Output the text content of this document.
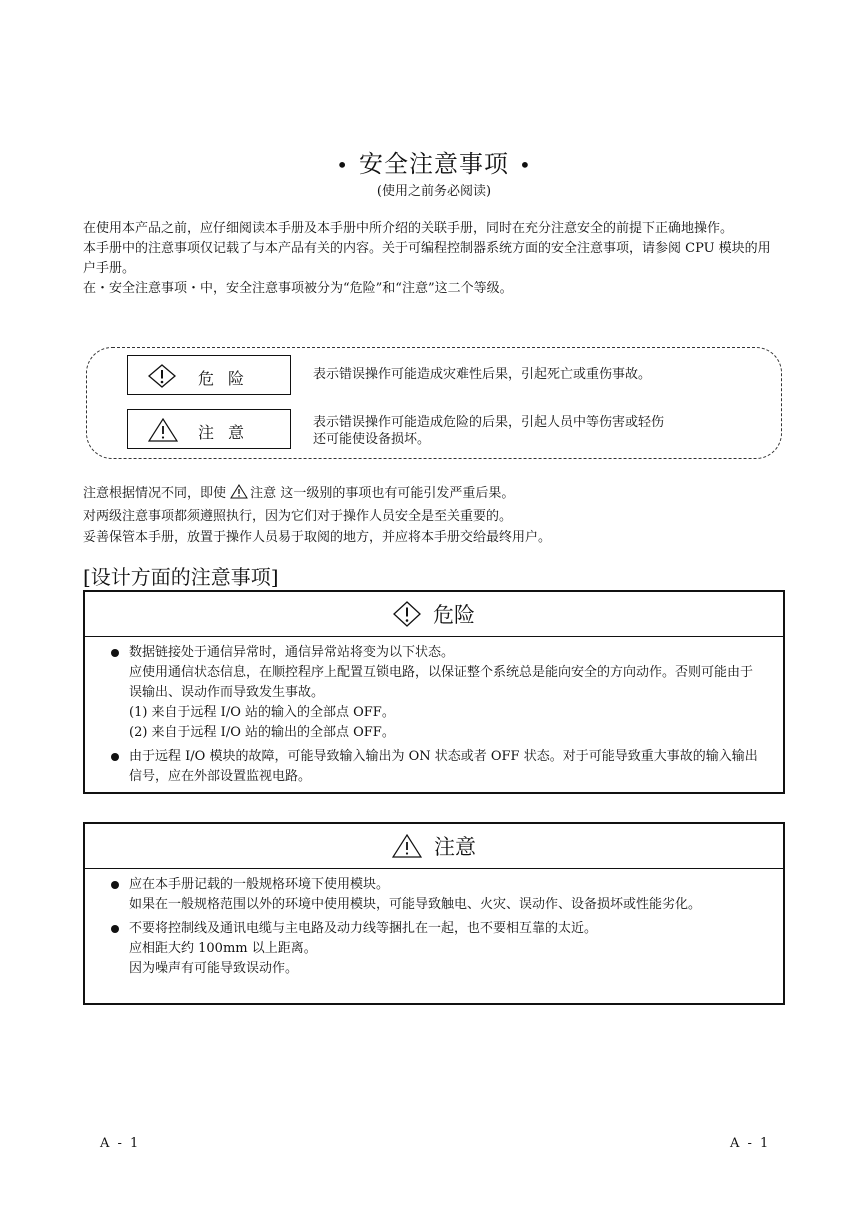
• 安全注意事项 •
(使用之前务必阅读)

在使用本产品之前，应仔细阅读本手册及本手册中所介绍的关联手册，同时在充分注意安全的前提下正确地操作。

本手册中的注意事项仅记载了与本产品有关的内容。关于可编程控制器系统方面的安全注意事项，请参阅 CPU 模块的用户手册。

在・安全注意事项・中，安全注意事项被分为“危险”和“注意”这二个等级。

危险	表示错误操作可能造成灾难性后果，引起死亡或重伤事故。
注意
表示错误操作可能造成危险的后果，引起人员中等伤害或轻伤
还可能使设备损坏。

注意根据情况不同，即使 注意 这一级别的事项也有可能引发严重后果。

对两级注意事项都须遵照执行，因为它们对于操作人员安全是至关重要的。

妥善保管本手册，放置于操作人员易于取阅的地方，并应将本手册交给最终用户。

[设计方面的注意事项]
危险

数据链接处于通信异常时，通信异常站将变为以下状态。

应使用通信状态信息，在顺控程序上配置互锁电路，以保证整个系统总是能向安全的方向动作。否则可能由于误输出、误动作而导致发生事故。

(1) 来自于远程 I/O 站的输入的全部点 OFF。

(2) 来自于远程 I/O 站的输出的全部点 OFF。

由于远程 I/O 模块的故障，可能导致输入输出为 ON 状态或者 OFF 状态。对于可能导致重大事故的输入输出信号，应在外部设置监视电路。

注意

应在本手册记载的一般规格环境下使用模块。

如果在一般规格范围以外的环境中使用模块，可能导致触电、火灾、误动作、设备损坏或性能劣化。

不要将控制线及通讯电缆与主电路及动力线等捆扎在一起，也不要相互靠的太近。

应相距大约 100mm 以上距离。

因为噪声有可能导致误动作。

A - 1	A - 1
